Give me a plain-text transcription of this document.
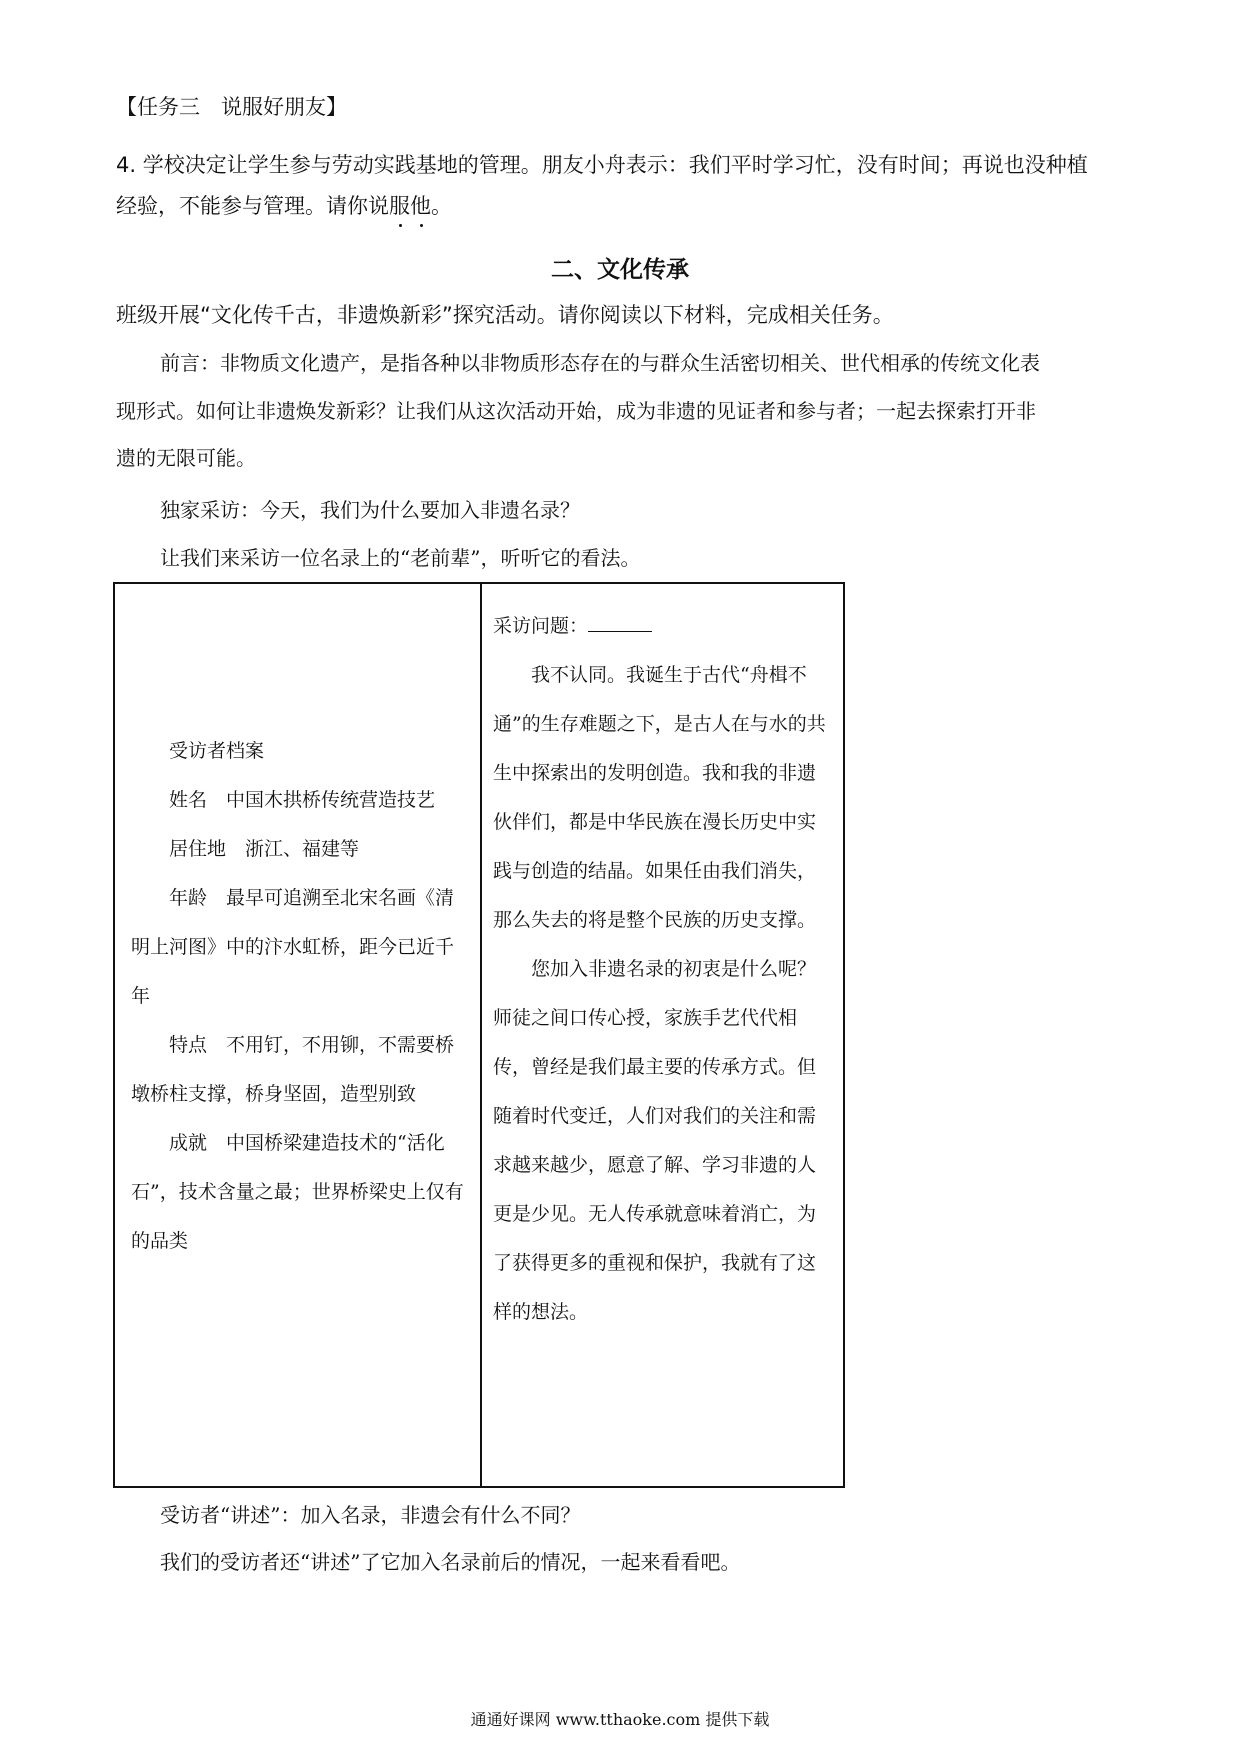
【任务三　说服好朋友】
4. 学校决定让学生参与劳动实践基地的管理。朋友小舟表示：我们平时学习忙，没有时间；再说也没种植
经验，不能参与管理。请你说服他。
二、文化传承
班级开展“文化传千古，非遗焕新彩”探究活动。请你阅读以下材料，完成相关任务。
前言：非物质文化遗产，是指各种以非物质形态存在的与群众生活密切相关、世代相承的传统文化表
现形式。如何让非遗焕发新彩？让我们从这次活动开始，成为非遗的见证者和参与者；一起去探索打开非
遗的无限可能。
独家采访：今天，我们为什么要加入非遗名录？
让我们来采访一位名录上的“老前辈”，听听它的看法。

受访者档案

姓名　中国木拱桥传统营造技艺

居住地　浙江、福建等

年龄　最早可追溯至北宋名画《清明上河图》中的汴水虹桥，距今已近千年

特点　不用钉，不用铆，不需要桥墩桥柱支撑，桥身坚固，造型别致

成就　中国桥梁建造技术的“活化石”，技术含量之最；世界桥梁史上仅有的品类

采访问题：

我不认同。我诞生于古代“舟楫不通”的生存难题之下，是古人在与水的共生中探索出的发明创造。我和我的非遗伙伴们，都是中华民族在漫长历史中实践与创造的结晶。如果任由我们消失，那么失去的将是整个民族的历史支撑。

您加入非遗名录的初衷是什么呢？

师徒之间口传心授，家族手艺代代相传，曾经是我们最主要的传承方式。但随着时代变迁，人们对我们的关注和需求越来越少，愿意了解、学习非遗的人更是少见。无人传承就意味着消亡，为了获得更多的重视和保护，我就有了这样的想法。

受访者“讲述”：加入名录，非遗会有什么不同？
我们的受访者还“讲述”了它加入名录前后的情况，一起来看看吧。
通通好课网 www.tthaoke.com 提供下载
